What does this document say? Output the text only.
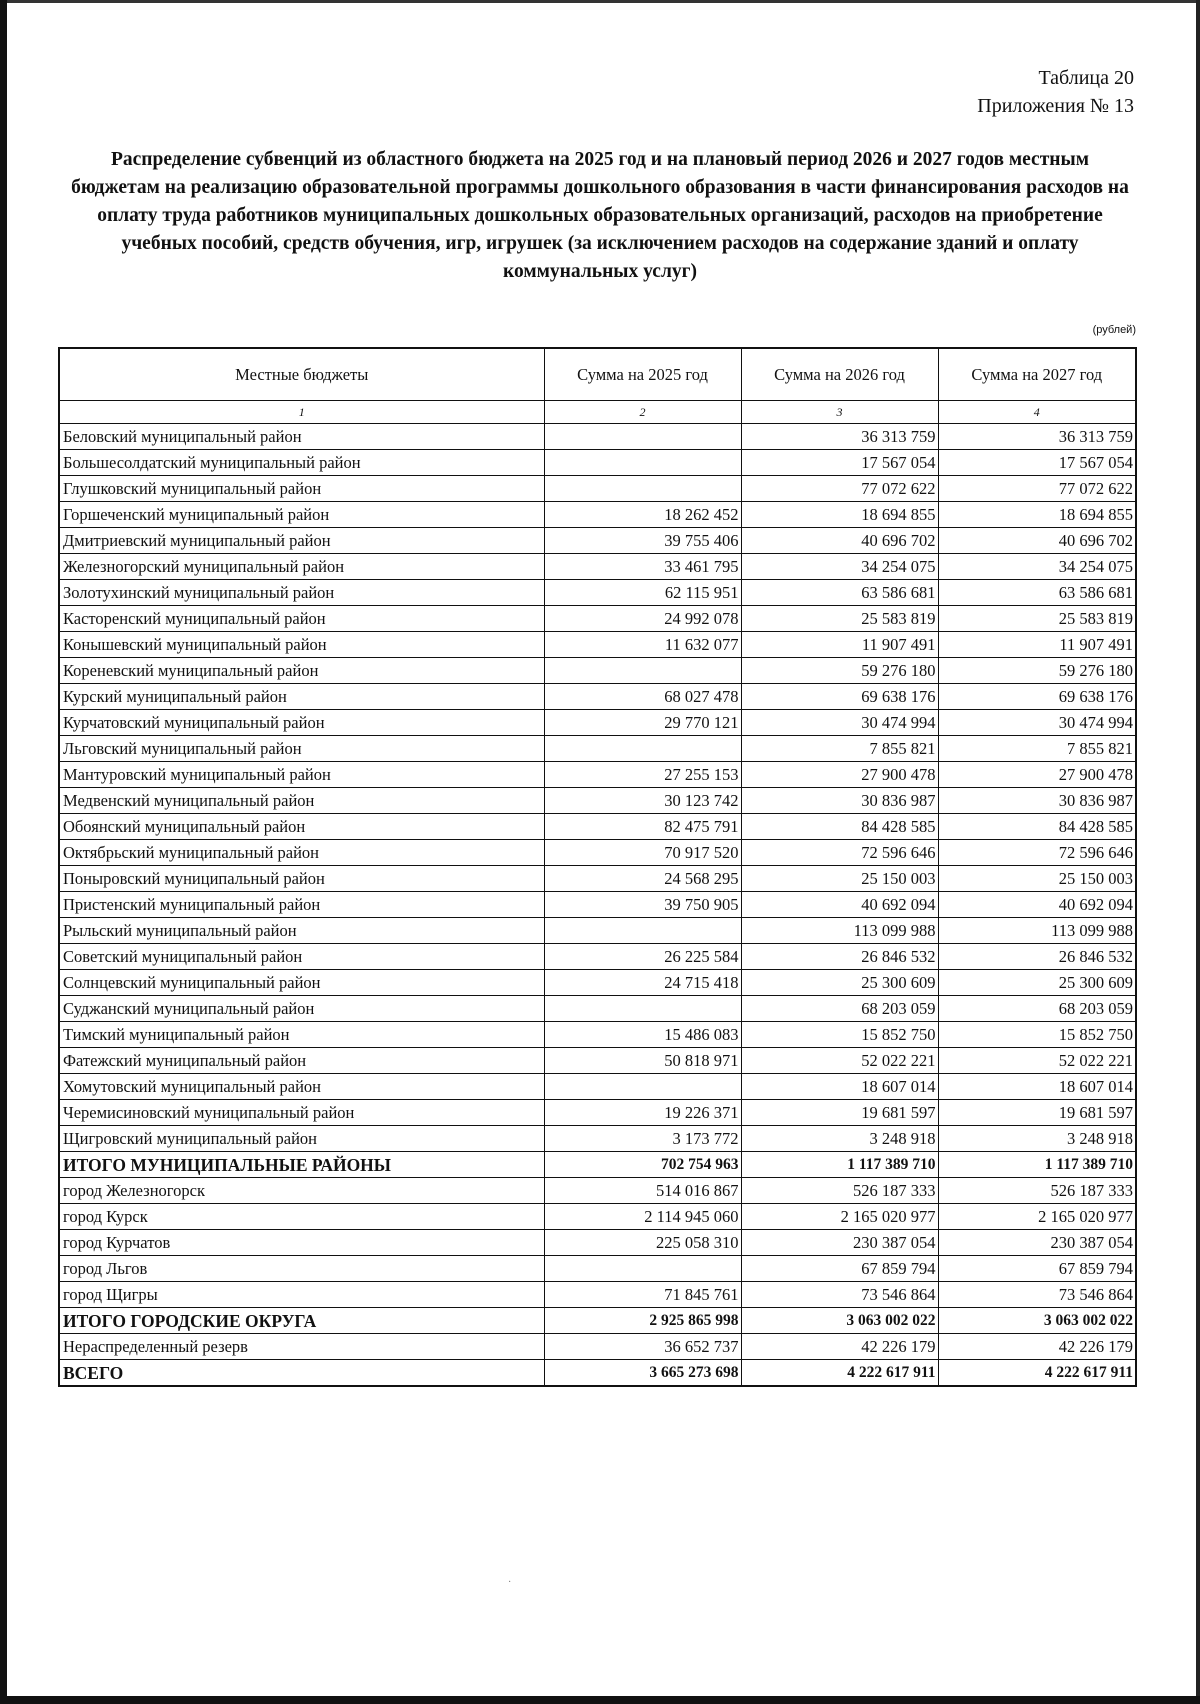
Таблица 20
Приложения № 13
Распределение субвенций из областного бюджета на 2025 год и на плановый период 2026 и 2027 годов местным бюджетам на реализацию образовательной программы дошкольного образования в части финансирования расходов на оплату труда работников муниципальных дошкольных образовательных организаций, расходов на приобретение учебных пособий, средств обучения, игр, игрушек (за исключением расходов на содержание зданий и оплату коммунальных услуг)
(рублей)
Местные бюджеты	Сумма на 2025 год	Сумма на 2026 год	Сумма на 2027 год
1	2	3	4
Беловский муниципальный район		36 313 759	36 313 759
Большесолдатский муниципальный район		17 567 054	17 567 054
Глушковский муниципальный район		77 072 622	77 072 622
Горшеченский муниципальный район	18 262 452	18 694 855	18 694 855
Дмитриевский муниципальный район	39 755 406	40 696 702	40 696 702
Железногорский муниципальный район	33 461 795	34 254 075	34 254 075
Золотухинский муниципальный район	62 115 951	63 586 681	63 586 681
Касторенский муниципальный район	24 992 078	25 583 819	25 583 819
Конышевский муниципальный район	11 632 077	11 907 491	11 907 491
Кореневский муниципальный район		59 276 180	59 276 180
Курский муниципальный район	68 027 478	69 638 176	69 638 176
Курчатовский муниципальный район	29 770 121	30 474 994	30 474 994
Льговский муниципальный район		7 855 821	7 855 821
Мантуровский муниципальный район	27 255 153	27 900 478	27 900 478
Медвенский муниципальный район	30 123 742	30 836 987	30 836 987
Обоянский муниципальный район	82 475 791	84 428 585	84 428 585
Октябрьский муниципальный район	70 917 520	72 596 646	72 596 646
Поныровский муниципальный район	24 568 295	25 150 003	25 150 003
Пристенский муниципальный район	39 750 905	40 692 094	40 692 094
Рыльский муниципальный район		113 099 988	113 099 988
Советский муниципальный район	26 225 584	26 846 532	26 846 532
Солнцевский муниципальный район	24 715 418	25 300 609	25 300 609
Суджанский муниципальный район		68 203 059	68 203 059
Тимский муниципальный район	15 486 083	15 852 750	15 852 750
Фатежский муниципальный район	50 818 971	52 022 221	52 022 221
Хомутовский муниципальный район		18 607 014	18 607 014
Черемисиновский муниципальный район	19 226 371	19 681 597	19 681 597
Щигровский муниципальный район	3 173 772	3 248 918	3 248 918
ИТОГО МУНИЦИПАЛЬНЫЕ РАЙОНЫ	702 754 963	1 117 389 710	1 117 389 710
город Железногорск	514 016 867	526 187 333	526 187 333
город Курск	2 114 945 060	2 165 020 977	2 165 020 977
город Курчатов	225 058 310	230 387 054	230 387 054
город Льгов		67 859 794	67 859 794
город Щигры	71 845 761	73 546 864	73 546 864
ИТОГО ГОРОДСКИЕ ОКРУГА	2 925 865 998	3 063 002 022	3 063 002 022
Нераспределенный резерв	36 652 737	42 226 179	42 226 179
ВСЕГО	3 665 273 698	4 222 617 911	4 222 617 911
·
